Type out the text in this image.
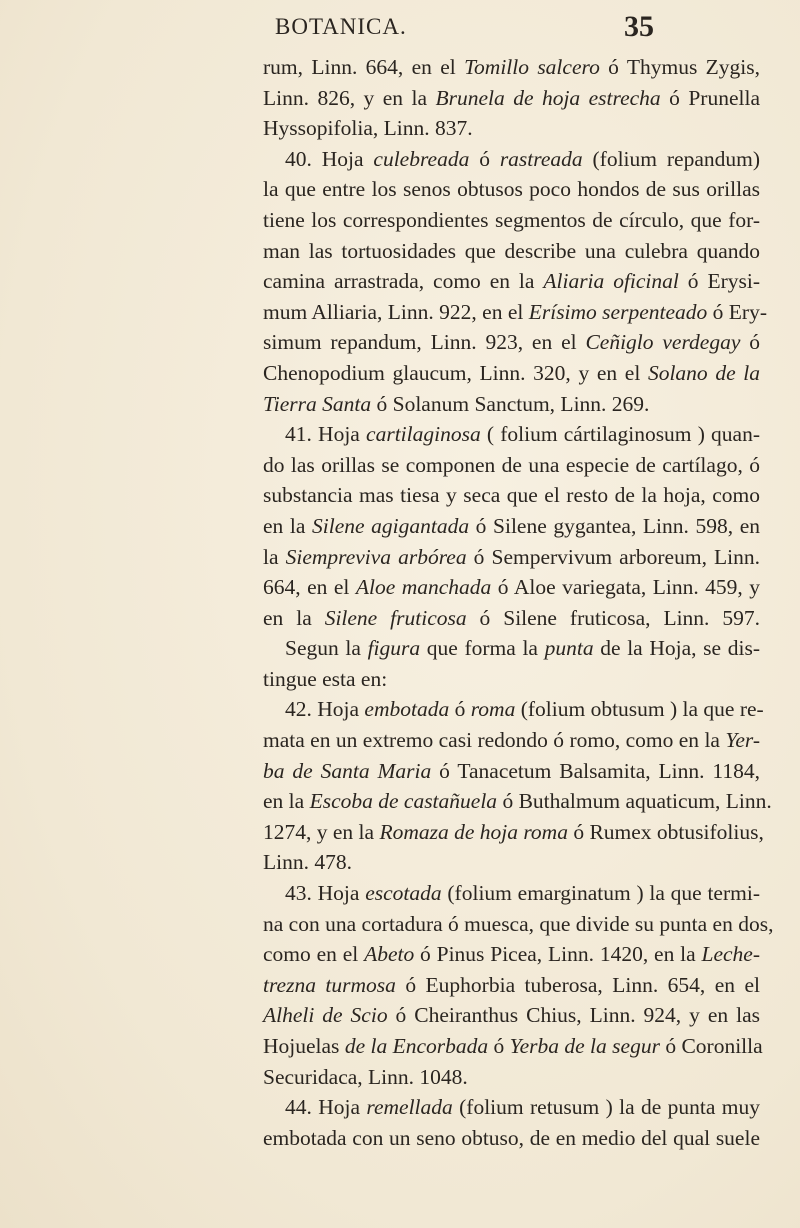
BOTANICA.	35
rum, Linn. 664, en el Tomillo salcero ó Thymus Zygis,
Linn. 826, y en la Brunela de hoja estrecha ó Prunella
Hyssopifolia, Linn. 837.
40. Hoja culebreada ó rastreada (folium repandum)
la que entre los senos obtusos poco hondos de sus orillas
tiene los correspondientes segmentos de círculo, que for-
man las tortuosidades que describe una culebra quando
camina arrastrada, como en la Aliaria oficinal ó Erysi-
mum Alliaria, Linn. 922, en el Erísimo serpenteado ó Ery-
simum repandum, Linn. 923, en el Ceñiglo verdegay ó
Chenopodium glaucum, Linn. 320, y en el Solano de la
Tierra Santa ó Solanum Sanctum, Linn. 269.
41. Hoja cartilaginosa ( folium cártilaginosum ) quan-
do las orillas se componen de una especie de cartílago, ó
substancia mas tiesa y seca que el resto de la hoja, como
en la Silene agigantada ó Silene gygantea, Linn. 598, en
la Siempreviva arbórea ó Sempervivum arboreum, Linn.
664, en el Aloe manchada ó Aloe variegata, Linn. 459, y
en la Silene fruticosa ó Silene fruticosa, Linn. 597.
Segun la figura que forma la punta de la Hoja, se dis-
tingue esta en:
42. Hoja embotada ó roma (folium obtusum ) la que re-
mata en un extremo casi redondo ó romo, como en la Yer-
ba de Santa Maria ó Tanacetum Balsamita, Linn. 1184,
en la Escoba de castañuela ó Buthalmum aquaticum, Linn.
1274, y en la Romaza de hoja roma ó Rumex obtusifolius,
Linn. 478.
43. Hoja escotada (folium emarginatum ) la que termi-
na con una cortadura ó muesca, que divide su punta en dos,
como en el Abeto ó Pinus Picea, Linn. 1420, en la Leche-
trezna turmosa ó Euphorbia tuberosa, Linn. 654, en el
Alheli de Scio ó Cheiranthus Chius, Linn. 924, y en las
Hojuelas de la Encorbada ó Yerba de la segur ó Coronilla
Securidaca, Linn. 1048.
44. Hoja remellada (folium retusum ) la de punta muy
embotada con un seno obtuso, de en medio del qual suele
